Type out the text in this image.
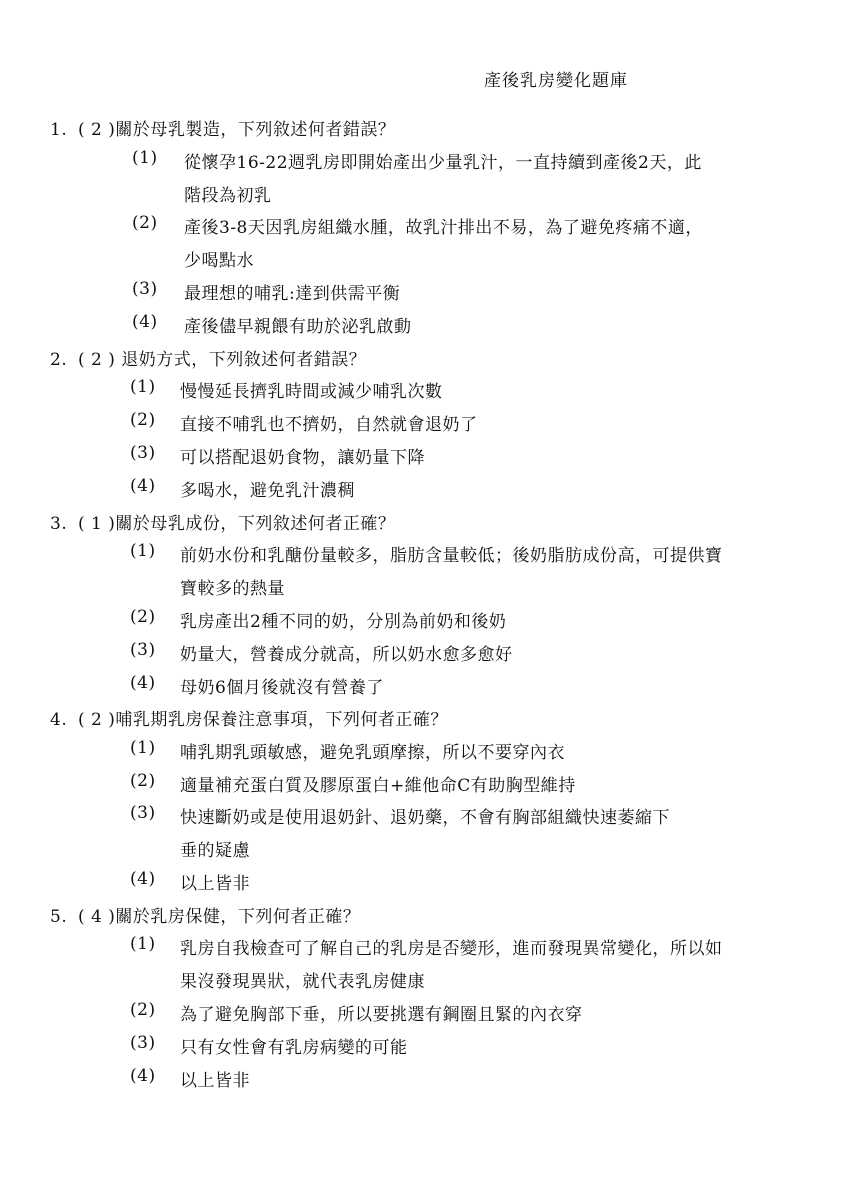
產後乳房變化題庫
1. ( 2 )關於母乳製造，下列敘述何者錯誤？
(1) 從懷孕16-22週乳房即開始產出少量乳汁，一直持續到產後2天，此
階段為初乳
(2) 產後3-8天因乳房組織水腫，故乳汁排出不易，為了避免疼痛不適，
少喝點水
(3) 最理想的哺乳:達到供需平衡
(4) 產後儘早親餵有助於泌乳啟動
2. ( 2 ) 退奶方式，下列敘述何者錯誤？
(1) 慢慢延長擠乳時間或減少哺乳次數
(2) 直接不哺乳也不擠奶，自然就會退奶了
(3) 可以搭配退奶食物，讓奶量下降
(4) 多喝水，避免乳汁濃稠
3. ( 1 )關於母乳成份，下列敘述何者正確？
(1) 前奶水份和乳醣份量較多，脂肪含量較低；後奶脂肪成份高，可提供寶
寶較多的熱量
(2) 乳房產出2種不同的奶，分別為前奶和後奶
(3) 奶量大，營養成分就高，所以奶水愈多愈好
(4) 母奶6個月後就沒有營養了
4. ( 2 )哺乳期乳房保養注意事項，下列何者正確？
(1) 哺乳期乳頭敏感，避免乳頭摩擦，所以不要穿內衣
(2) 適量補充蛋白質及膠原蛋白+維他命C有助胸型維持
(3) 快速斷奶或是使用退奶針、退奶藥，不會有胸部組織快速萎縮下
垂的疑慮
(4) 以上皆非
5. ( 4 )關於乳房保健，下列何者正確？
(1) 乳房自我檢查可了解自己的乳房是否變形，進而發現異常變化，所以如
果沒發現異狀，就代表乳房健康
(2) 為了避免胸部下垂，所以要挑選有鋼圈且緊的內衣穿
(3) 只有女性會有乳房病變的可能
(4) 以上皆非
